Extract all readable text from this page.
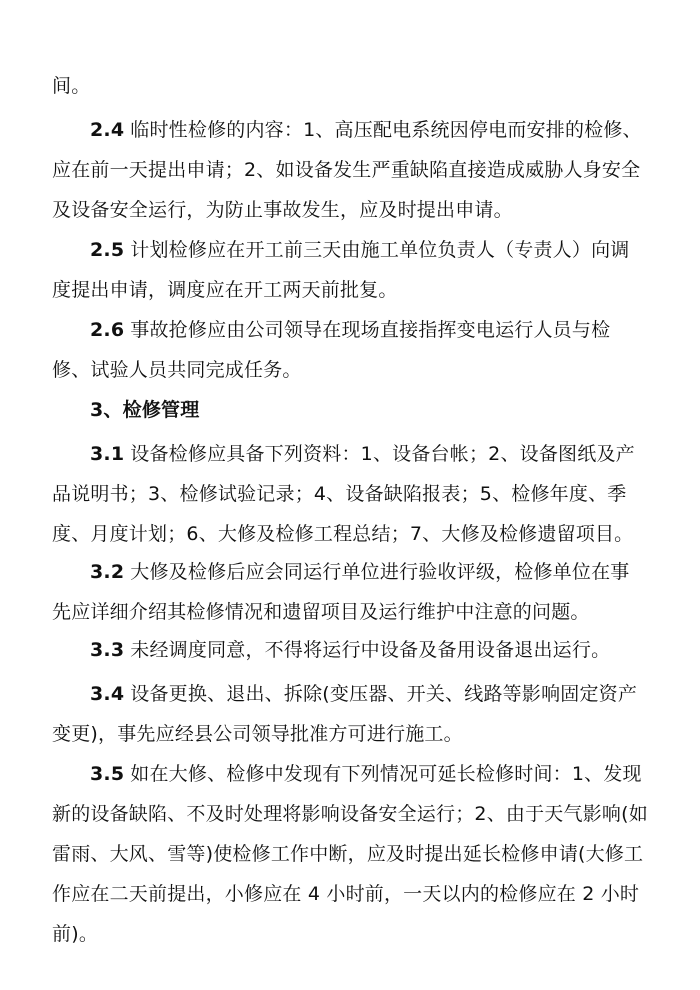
间。

2.4 临时性检修的内容：1、高压配电系统因停电而安排的检修、应在前一天提出申请；2、如设备发生严重缺陷直接造成威胁人身安全及设备安全运行，为防止事故发生，应及时提出申请。

2.5 计划检修应在开工前三天由施工单位负责人（专责人）向调度提出申请，调度应在开工两天前批复。

2.6 事故抢修应由公司领导在现场直接指挥变电运行人员与检修、试验人员共同完成任务。

3、检修管理

3.1 设备检修应具备下列资料：1、设备台帐；2、设备图纸及产品说明书；3、检修试验记录；4、设备缺陷报表；5、检修年度、季度、月度计划；6、大修及检修工程总结；7、大修及检修遗留项目。

3.2 大修及检修后应会同运行单位进行验收评级，检修单位在事先应详细介绍其检修情况和遗留项目及运行维护中注意的问题。

3.3 未经调度同意，不得将运行中设备及备用设备退出运行。

3.4 设备更换、退出、拆除(变压器、开关、线路等影响固定资产变更)，事先应经县公司领导批准方可进行施工。

3.5 如在大修、检修中发现有下列情况可延长检修时间：1、发现新的设备缺陷、不及时处理将影响设备安全运行；2、由于天气影响(如雷雨、大风、雪等)使检修工作中断，应及时提出延长检修申请(大修工作应在二天前提出，小修应在 4 小时前，一天以内的检修应在 2 小时前)。
